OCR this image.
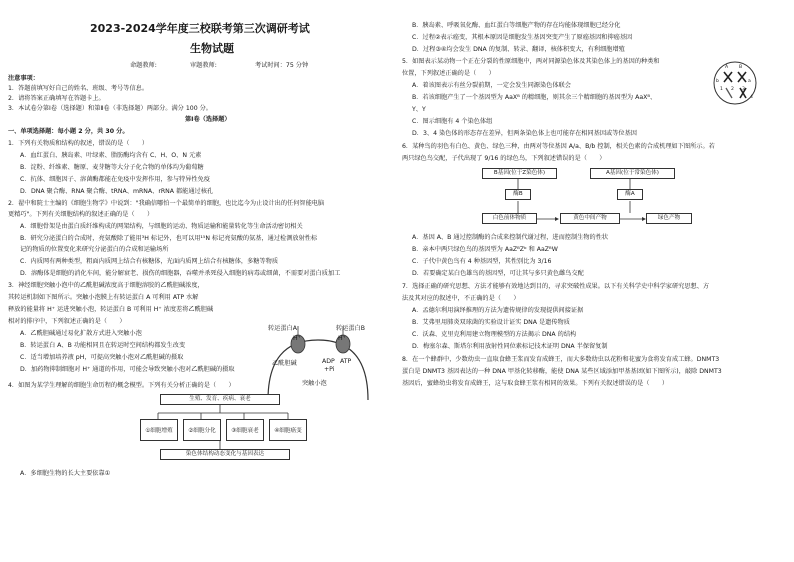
2023-2024学年度三校联考第三次调研考试
生物试题
命题教师:	审题教师:	考试时间：75 分钟
注意事项：
1．答题前填写好自己的姓名、班级、考号等信息。
2．请将答案正确填写在答题卡上。
3．本试卷分第Ⅰ卷（选择题）和第Ⅱ卷（非选择题）两部分。满分 100 分。
第Ⅰ卷（选择题）
一、单项选择题：每小题 2 分，共 30 分。
1．下列有关物质和结构的叙述，错误的是（　　）
A．血红蛋白、胰岛素、叶绿素、脂肪酶均含有 C、H、O、N 元素
B．淀粉、纤维素、糖原、麦芽糖等大分子化合物的单体均为葡萄糖
C．抗体、细胞因子、溶菌酶都能在免疫中发挥作用，参与特异性免疫
D．DNA 聚合酶、RNA 聚合酶、tRNA、mRNA、rRNA 都能通过核孔
2．翟中和院士主编的《细胞生物学》中说到："我确信哪怕一个最简单的细胞，也比迄今为止设计出的任何智能电脑
更精巧"。下列有关细胞结构的叙述正确的是（　　）
A．细胞骨架是由蛋白质纤维构成的网架结构，与细胞的运动、物质运输和能量转化等生命活动密切相关
B．研究分泌蛋白的合成时，亮氨酸除了能用³H 标记外，也可以用¹⁵N 标记亮氨酸的氨基，通过检测放射性标
记的物质的位置变化来研究分泌蛋白的合成和运输场所
C．内质网有两种类型，粗面内质网上结合有核糖体，光面内质网上结合有核糖体，多糖等物质
D．溶酶体是细胞的消化车间，能分解衰老、损伤的细胞器，吞噬并杀死侵入细胞的病毒或细菌，不需要对蛋白质加工
3．神经细胞突触小泡中的乙酰胆碱浓度高于细胞溶胶的乙酰胆碱浓度，
其转运机制如下图所示。突触小泡膜上有转运蛋白 A 可利用 ATP 水解
释放的能量将 H⁺ 运进突触小泡，转运蛋白 B 可利用 H⁺ 浓度差将乙酰胆碱
相对的排序中，下列叙述正确的是（　　）
A．乙酰胆碱通过易化扩散方式进入突触小泡
B．转运蛋白 A、B 功能相同且在转运时空间结构都发生改变
C．适当增加培养液 pH，可提高突触小泡对乙酰胆碱的摄取
D．加药物抑制细胞对 H⁺ 通道的作用，可能会导致突触小泡对乙酰胆碱的摄取
转运蛋白A	转运蛋白B
H⁺	H⁺
乙酰胆碱	ADP ATP
+Pi
突触小泡
4．如图为某学生理解的细胞生命历程的概念模型。下列有关分析正确的是（　　）
生殖、发育、疾病、衰老
①细胞增殖	②细胞分化	③细胞衰老	④细胞癌变
染色体结构动态变化与基因表达
A．多细胞生物的长大主要依靠①
B．胰岛素、呼吸氧化酶、血红蛋白等细胞产物的存在均能体现细胞已经分化
C．过程②表示癌变，其根本原因是细胞发生基因突变产生了原癌基因和抑癌基因
D．过程③④均会发生 DNA 的复制、转录、翻译，核体积变大，有利细胞增殖
5．如图表示某动物一个正在分裂的性原细胞中，两对同源染色体及其染色体上的基因的种类和
位置，下列叙述正确的是（　　）
A．着该图表示有丝分裂前期，一定会发生同源染色体联会
B．若该细胞产生了一个基因型为 AaXᴮ 的精细胞，则其余三个精细胞的基因型为 AaXᴮ、
Y、Y
C．图示细胞有 4 个染色体组
D．3、4 染色体的形态存在差异，但两条染色体上也可能存在相同基因或等位基因
A B
b	a
1 2 3
4
6．某种鸟的羽色有白色、黄色、绿色三种，由两对等位基因 A/a、B/b 控制，相关色素的合成机理如下图所示。若
两只绿色鸟交配，子代出现了 9/16 的绿色鸟，下列叙述错误的是（　　）
B基因(位于Z染色体)	A基因(位于常染色体)
酶B	酶A
白色前体物质	黄色中间产物	绿色产物
A．基因 A、B 通过控制酶的合成来控制代谢过程，进而控制生物的性状
B．亲本中两只绿色鸟的基因型为 AaZᴮZᵇ 和 AaZᴮW
C．子代中黄色鸟有 4 种基因型，其性别比为 3/16
D．若要确定某白色雄鸟的基因型，可让其与多只黄色雌鸟交配
7．选择正确的研究思想、方法才能够有效地达到目的，寻求突破性成果。以下有关科学史中科学家研究思想、方
法及其对应的叙述中，不正确的是（　　）
A．孟德尔利用演绎推理的方法为遗传规律的发现提供间接证据
B．艾弗里用肺炎双球菌的实验设计证实 DNA 是遗传物质
C．沃森、克里克利用建立物理模型的方法揭示 DNA 的结构
D．梅塞尔森、斯塔尔利用放射性同位素标记技术证明 DNA 半保留复制
8．在一个蜂群中，少数幼虫一直取食蜂王浆而发育成蜂王，而大多数幼虫以花粉和花蜜为食将发育成工蜂。DNMT3
蛋白是 DNMT3 基因表达的一种 DNA 甲基化转移酶，能使 DNA 某些区域添加甲基基团(如下图所示)，敲除 DNMT3
基因后，蜜蜂幼虫将发育成蜂王，这与取食蜂王浆有相同的效果。下列有关叙述错误的是（　　）
